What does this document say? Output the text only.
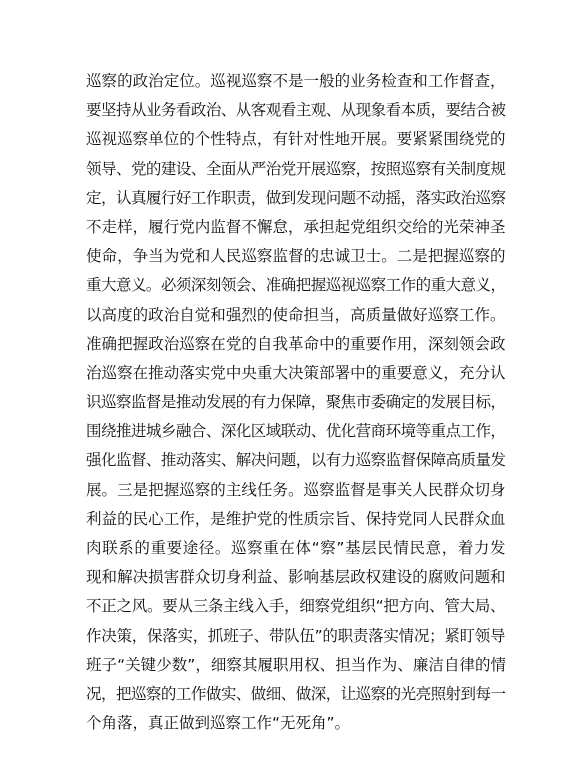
巡察的政治定位。巡视巡察不是一般的业务检查和工作督查，
要坚持从业务看政治、从客观看主观、从现象看本质，要结合被
巡视巡察单位的个性特点，有针对性地开展。要紧紧围绕党的
领导、党的建设、全面从严治党开展巡察，按照巡察有关制度规
定，认真履行好工作职责，做到发现问题不动摇，落实政治巡察
不走样，履行党内监督不懈怠，承担起党组织交给的光荣神圣
使命，争当为党和人民巡察监督的忠诚卫士。二是把握巡察的
重大意义。必须深刻领会、准确把握巡视巡察工作的重大意义，
以高度的政治自觉和强烈的使命担当，高质量做好巡察工作。
准确把握政治巡察在党的自我革命中的重要作用，深刻领会政
治巡察在推动落实党中央重大决策部署中的重要意义，充分认
识巡察监督是推动发展的有力保障，聚焦市委确定的发展目标，
围绕推进城乡融合、深化区域联动、优化营商环境等重点工作，
强化监督、推动落实、解决问题，以有力巡察监督保障高质量发
展。三是把握巡察的主线任务。巡察监督是事关人民群众切身
利益的民心工作，是维护党的性质宗旨、保持党同人民群众血
肉联系的重要途径。巡察重在体“察”基层民情民意，着力发
现和解决损害群众切身利益、影响基层政权建设的腐败问题和
不正之风。要从三条主线入手，细察党组织“把方向、管大局、
作决策，保落实，抓班子、带队伍”的职责落实情况；紧盯领导
班子“关键少数”，细察其履职用权、担当作为、廉洁自律的情
况，把巡察的工作做实、做细、做深，让巡察的光亮照射到每一
个角落，真正做到巡察工作“无死角”。
